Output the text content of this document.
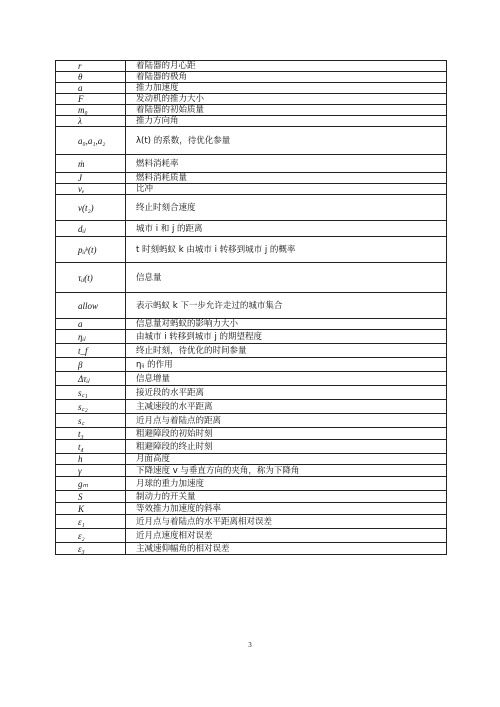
r	着陆器的月心距
θ	着陆器的极角
a	推力加速度
F	发动机的推力大小
m₀	着陆器的初始质量
λ	推力方向角
a₀,a₁,a₂	λ(t) 的系数，待优化参量
ṁ	燃料消耗率
J	燃料消耗质量
vₑ	比冲
v(t₂)	终止时刻合速度
dᵢⱼ	城市 i 和 j 的距离
pᵢⱼᵏ(t)	t 时刻蚂蚁 k 由城市 i 转移到城市 j 的概率
τᵢⱼ(t)	信息量
allow	表示蚂蚁 k 下一步允许走过的城市集合
a	信息量对蚂蚁的影响力大小
ηᵢⱼ	由城市 i 转移到城市 j 的期望程度
t_f	终止时刻，待优化的时间参量
β	ηᵢⱼ 的作用
Δτᵢⱼ	信息增量
s꜀₁	接近段的水平距离
s꜀₂	主减速段的水平距离
s꜀	近月点与着陆点的距离
t₃	粗避障段的初始时刻
t₄	粗避障段的终止时刻
h	月面高度
γ	下降速度 v 与垂直方向的夹角，称为下降角
gₘ	月球的重力加速度
S	制动力的开关量
K	等效推力加速度的斜率
ε₁	近月点与着陆点的水平距离相对误差
ε₂	近月点速度相对误差
ε₃	主减速仰幅角的相对误差
3
